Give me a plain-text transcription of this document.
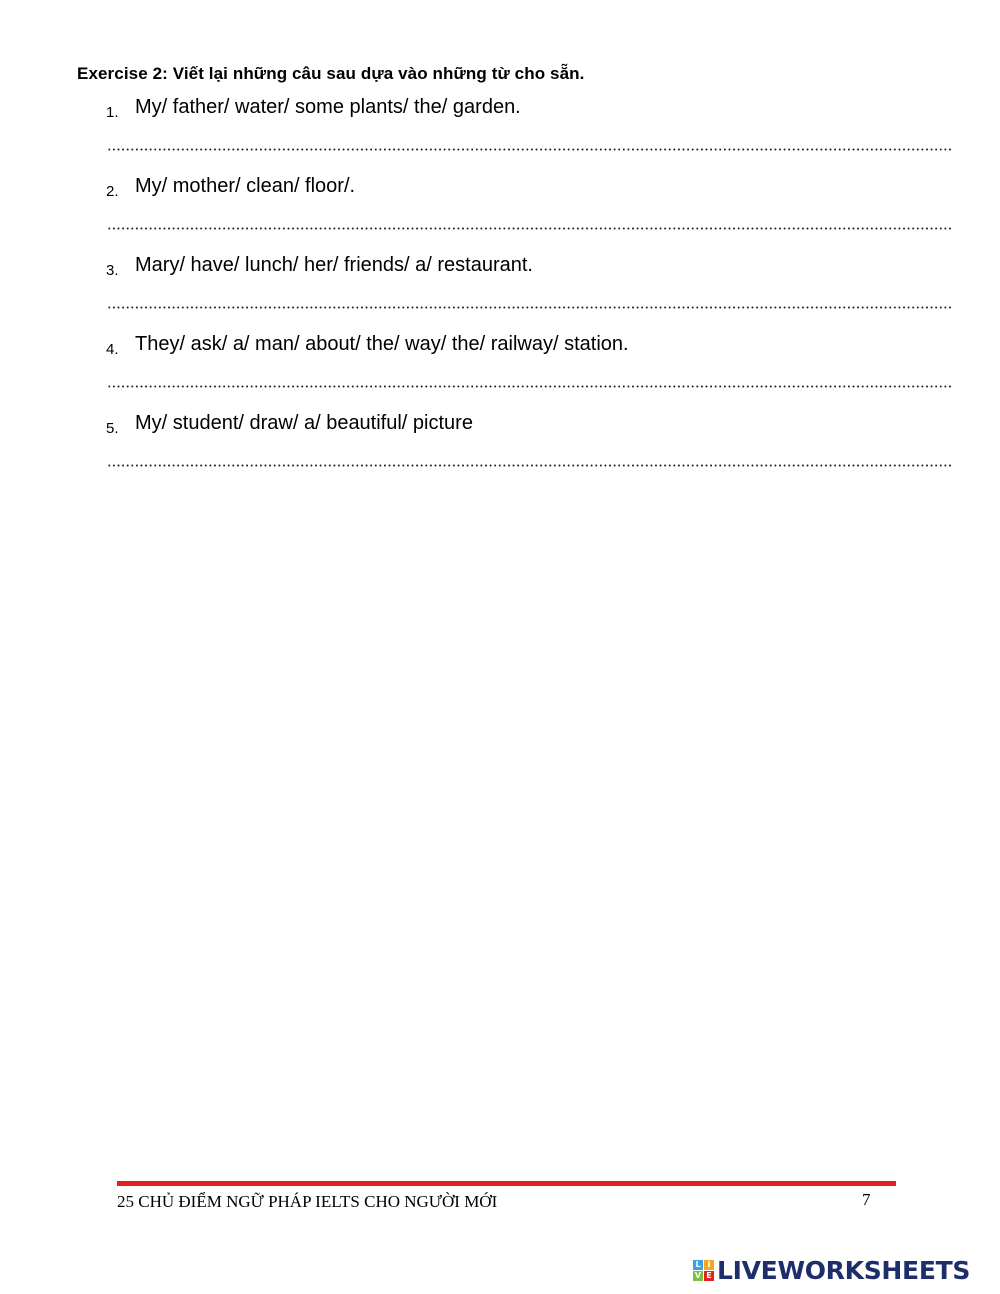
Exercise 2: Viết lại những câu sau dựa vào những từ cho sẵn.
1. My/ father/ water/ some plants/ the/ garden.
2. My/ mother/ clean/ floor/.
3. Mary/ have/ lunch/ her/ friends/ a/ restaurant.
4. They/ ask/ a/ man/ about/ the/ way/ the/ railway/ station.
5. My/ student/ draw/ a/ beautiful/ picture
25 CHỦ ĐIỂM NGỮ PHÁP IELTS CHO NGƯỜI MỚI	7
L I
V E LIVEWORKSHEETS
